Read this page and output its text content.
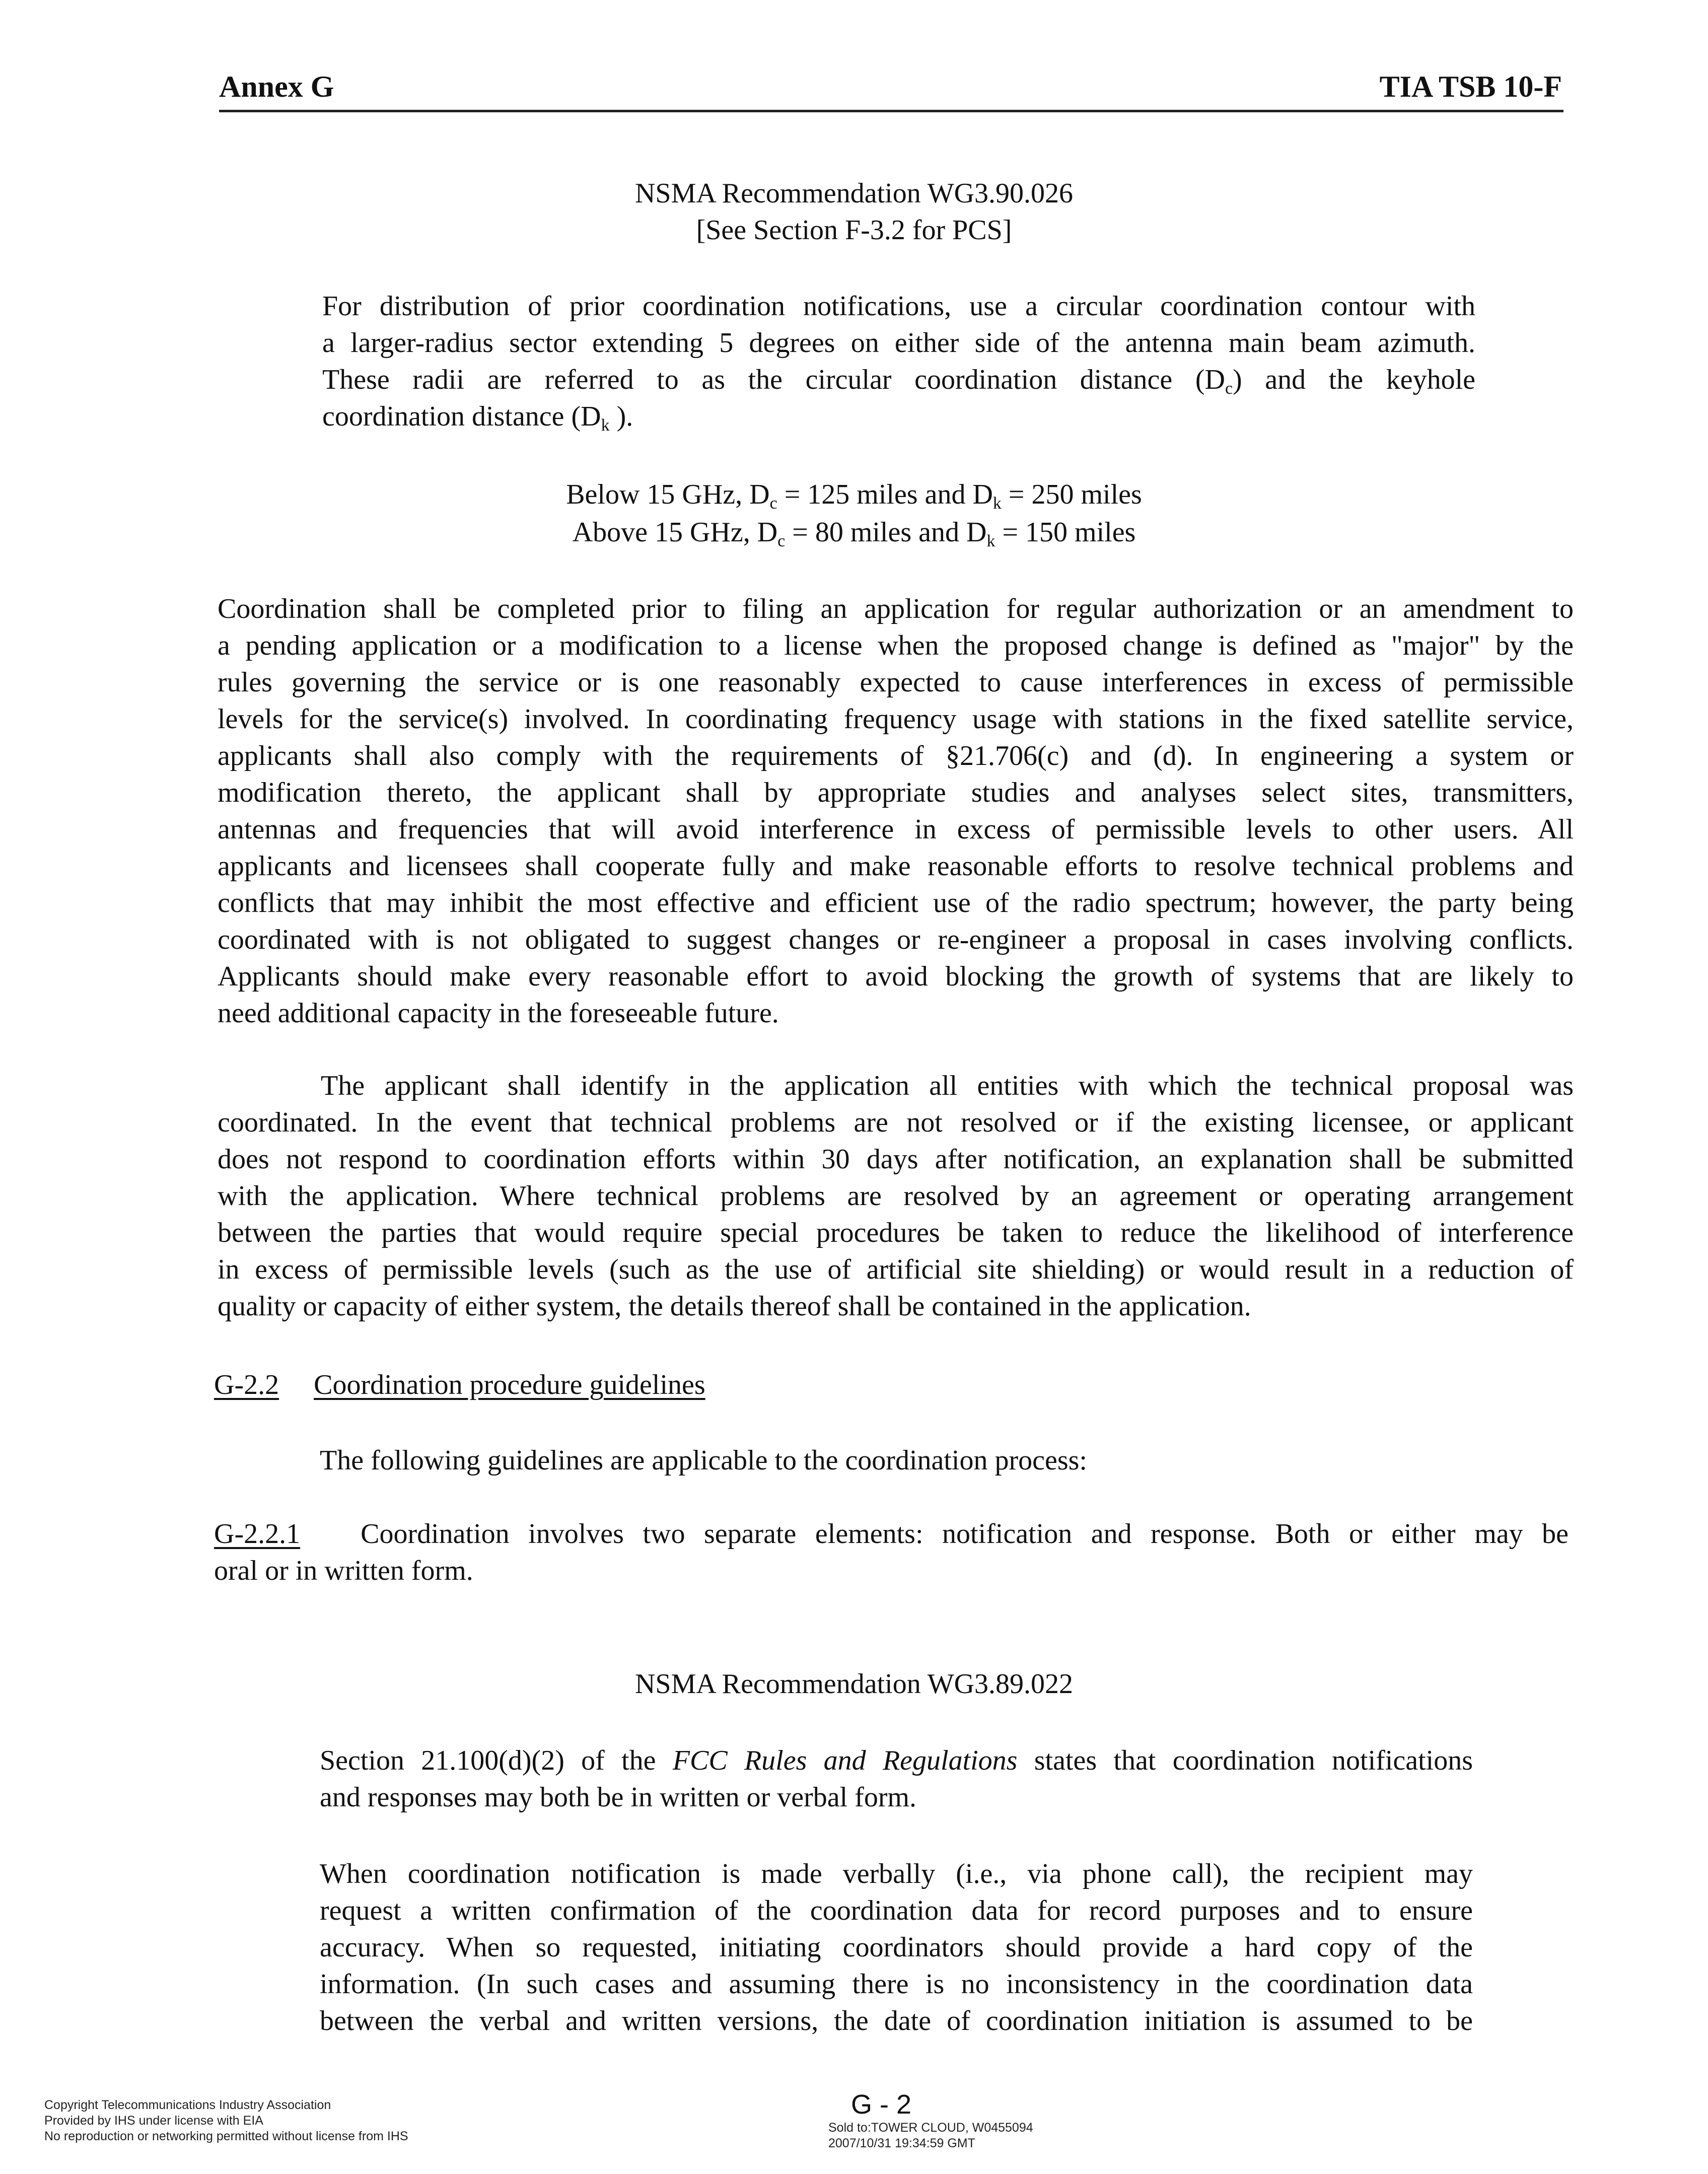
Annex G	TIA TSB 10-F
NSMA Recommendation WG3.90.026
[See Section F-3.2 for PCS]
For distribution of prior coordination notifications, use a circular coordination contour with
a larger-radius sector extending 5 degrees on either side of the antenna main beam azimuth.
These radii are referred to as the circular coordination distance $(D_c)$ and the keyhole
coordination distance ($D_k$ ).
Below 15 GHz, $D_c = 125$ miles and $D_k = 250$ miles
Above 15 GHz, $D_c = 80$ miles and $D_k = 150$ miles
Coordination shall be completed prior to filing an application for regular authorization or an amendment to
a pending application or a modification to a license when the proposed change is defined as "major" by the
rules governing the service or is one reasonably expected to cause interferences in excess of permissible
levels for the service(s) involved. In coordinating frequency usage with stations in the fixed satellite service,
applicants shall also comply with the requirements of §21.706(c) and (d). In engineering a system or
modification thereto, the applicant shall by appropriate studies and analyses select sites, transmitters,
antennas and frequencies that will avoid interference in excess of permissible levels to other users. All
applicants and licensees shall cooperate fully and make reasonable efforts to resolve technical problems and
conflicts that may inhibit the most effective and efficient use of the radio spectrum; however, the party being
coordinated with is not obligated to suggest changes or re-engineer a proposal in cases involving conflicts.
Applicants should make every reasonable effort to avoid blocking the growth of systems that are likely to
need additional capacity in the foreseeable future.
The applicant shall identify in the application all entities with which the technical proposal was
coordinated. In the event that technical problems are not resolved or if the existing licensee, or applicant
does not respond to coordination efforts within 30 days after notification, an explanation shall be submitted
with the application. Where technical problems are resolved by an agreement or operating arrangement
between the parties that would require special procedures be taken to reduce the likelihood of interference
in excess of permissible levels (such as the use of artificial site shielding) or would result in a reduction of
quality or capacity of either system, the details thereof shall be contained in the application.
G-2.2 Coordination procedure guidelines
The following guidelines are applicable to the coordination process:
G-2.2.1 Coordination involves two separate elements: notification and response. Both or either may be
oral or in written form.
NSMA Recommendation WG3.89.022
Section 21.100(d)(2) of the FCC Rules and Regulations states that coordination notifications
and responses may both be in written or verbal form.
When coordination notification is made verbally (i.e., via phone call), the recipient may
request a written confirmation of the coordination data for record purposes and to ensure
accuracy. When so requested, initiating coordinators should provide a hard copy of the
information. (In such cases and assuming there is no inconsistency in the coordination data
between the verbal and written versions, the date of coordination initiation is assumed to be
G - 2
Copyright Telecommunications Industry Association
Provided by IHS under license with EIA
No reproduction or networking permitted without license from IHS
Sold to:TOWER CLOUD, W0455094
2007/10/31 19:34:59 GMT
